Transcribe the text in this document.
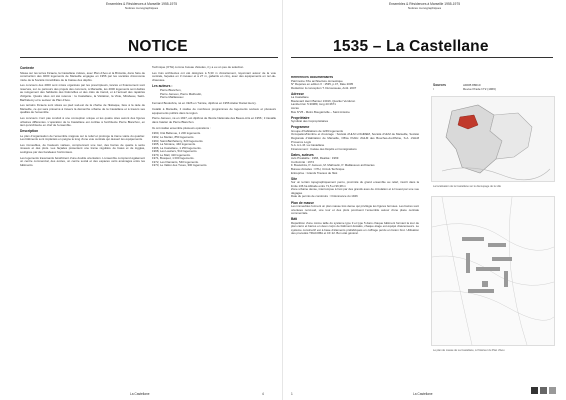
Ensembles & Résidences à Marseille 1955-1975
Notices monographiques
NOTICE
Contexte

Située sur les terres Ficaera, la Castellane s'élève, avec Plan d'Aou et la Bricarde, dans l'aire de construction des 4000 logements de Marseille engagée en 1956 par les sociétés d'économie mixte de la Société immobilière de la Caisse des dépôts.

Les concours des 4000 sont mixés organisés par les prescripteurs, lancés et financement sont réservés, sur ce parcours des projets des concours, à Marseille, les 4000 logements sont dédiés au relogement des habitants des bidonvilles et des cités de transit, et à l'accueil des rapatriés d'Algérie. Quatre sites ont été retenus : la Castellane, la Visitation, la Viste, Mirabeau, Saint-Barthélemy et le secteur de Plan d'Aou.

Les terrains Ficaera sont situés au pied sud-est de la chaîne de l'Estaque, face à la rade de Marseille, ce qui sera préservé à travers la démarche urbaine de la Castellane et à travers ses qualités de l'ensemble.

Les concours n'ont pas conduit à une conception unique et les quatre sites auront des figures urbaines différentes. L'opération de la Castellane est confiée à l'architecte Pierre Blanchon, en tant qu'architecte en chef de l'ensemble.

Description

Le plan d'organisation de l'ensemble s'appuie sur le relief et prolonge la trame viaire du quartier. Les bâtiments sont implantés en peigne le long d'une voie centrale qui dessert les équipements.

Les immeubles, de hauteurs variées, comprennent une tour, des barres de quatre à seize niveaux et des plots. Les façades présentent une trame régulière de baies et de loggias, soulignée par des bandeaux horizontaux.

Les logements traversants bénéficient d'une double orientation. L'ensemble comprend également un centre commercial, des écoles, un centre social et des espaces verts aménagés entre les bâtiments.

Technique (OTH) comme bureau d'études, il y a eu un peu de sélection.

Les trois architectes ont été désignés à 5,30 m d'écartement, rayonnant autour de la voie centrale, façades en 3 niveaux et à 27 m, gabarits en cinq, avec des équipements en rez-de-chaussée.

Les auteurs :
Pierre Blanchon,
Pierre Jameux, Pierre Mathoulin,
Pierre Maillassoux

Fernand Boukobza, né en 1926 en Tunisie, diplômé en 1956 Atelier Daniel Henry.

Installé à Marseille, il réalise de nombreux programmes de logements sociaux et plusieurs équipements publics dans la région.

Pierre Jameux, né en 1927, est diplômé de l'Ecole Nationale des Beaux-Arts en 1956 ; il travaille dans l'atelier de Pierre Blanchon.

Ils ont réalisé ensemble plusieurs opérations :

1960, Cité Bellevue, 1 200 logements.
1962, Le Merlan, 850 logements.
1963, Saint-Barthélemy, 620 logements.
1965, La Simiane, 440 logements.
1966, La Castellane, 1 250 logements.
1968, Les Lauriers, 510 logements.
1970, Le Mail, 410 logements.
1971, Bosquet, 1 000 logements.
1972, Les Flamants, 540 logements.
1973, Le Vallon des Tuves, 300 logements.
La Castellane	4
Ensembles & Résidences à Marseille 1955-1975
Notices monographiques
1535 – La Castellane
Références documentaires
Patrimoine XXe architecture domestique
N° Repères en edition X : 1535, p.47, Date 2005
Rédaction & conception T. Durousseau, Antit. 2007
Adresse
La Castellane
Boulevard Henri Barnier 13016, Quartier Verduron
Lambert lat: 5.30389, long 43.3671
Accès
Bus N°25 - Métro Bougainville – Saint Antoine
Propriétaire
Syndicat des Copropriétaires
Programme
Groupe d'habitations de 1249 logements
Occupation/Nombre et d'ouvrage : Société d'HLM LOGIREM, Société d'HLM de Marseille, Société Régionale d'Habitation de Marseille, Office Public d'HLM des Bouches-du-Rhône, S.A. d'HLM Provence Logis
S.A. H.L.M. La Castellane
Financement : Caisse des Dépôts et Consignations
Dates, auteurs
Avis Préalable : 1966, Réalisé : 1969
Conformité : 1974
F. Boukobza, P. Jameux, M. Mathoulin, P. Maillassoux architectes
Bureau d'études : OTH, Circuit-Technique
Entreprise : Grands Travaux de l'Est
Site
Sur un terrain topographiquement pentu, proximité du grand ensemble au relief, inscrit dans la limite 136 ha Altitude entre 71,5 et 96,38 m
Zone urbaine dense, interrompue à l'est par des grands axes de circulation et à l'ouest par une vue dégagée
Date du permis de construire : Ordonnance du 1946
Plan de masse
Les immeubles forment un plan masse très dense qui privilégie les figures fermées. Les barres sont orientées nord-sud, une tour et des plots ponctuent l'ensemble autour d'une place centrale commerciale.
Bâti
Répartition d'une même taille du système type 3 et type 5 dans chaque bâtiment formant la tour de plan carré et barres en deux corps de bâtiment décalés, chaque étage est équipé d'ascenseurs. Le système constructif est à base d'éléments préfabriqués en coffrage perdu en béton brut. Utilisation des procédés TRACOBA et CF 22. Bon état général.
Sources :
ADDB 88010
Revue Prade N°2 (1966)
La localisation de la Castellane sur le découpage de la ville
Le plan de masse de La Castellane, à l'intérieur du Plan d'Aou
La Castellane
1
